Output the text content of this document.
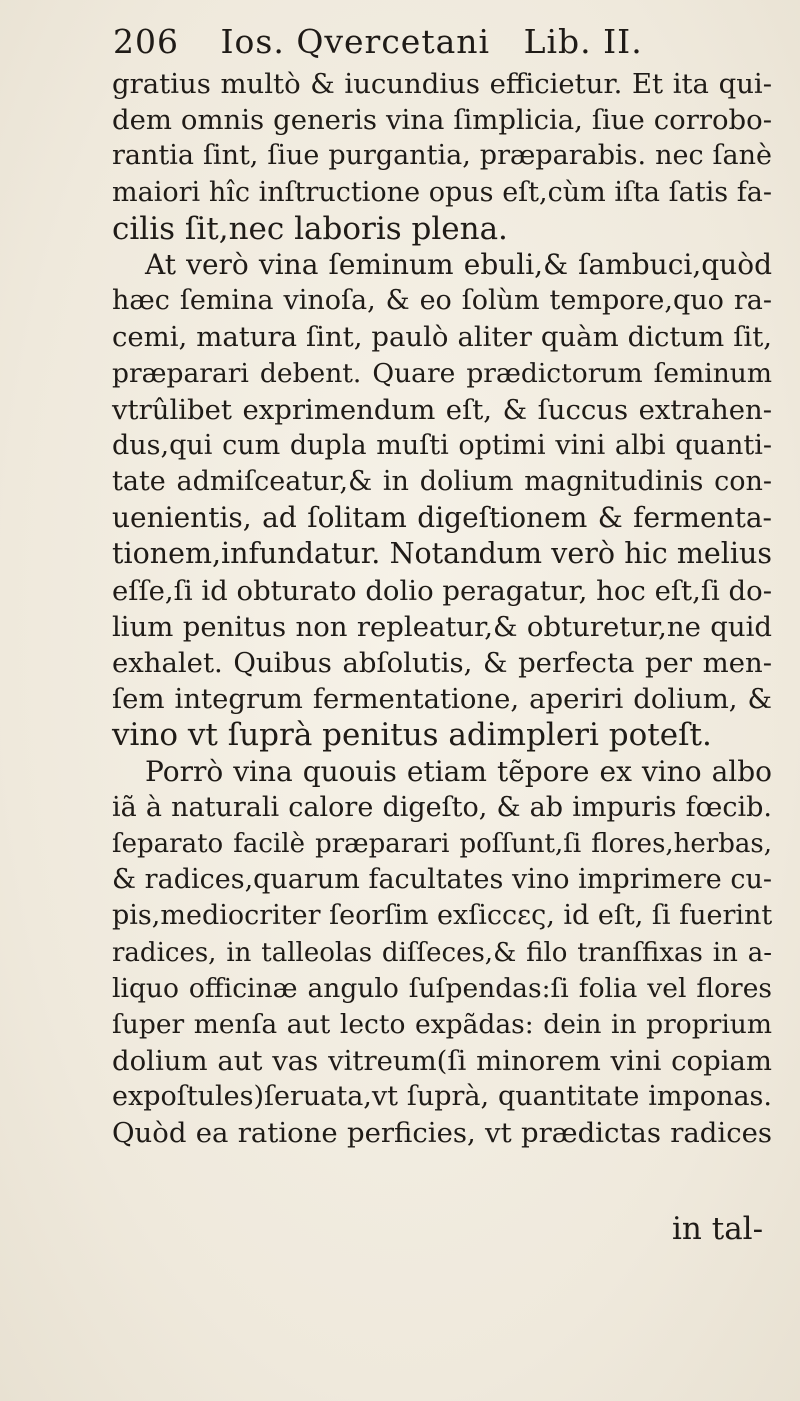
206 Ios. Qvercetani Lib. II.
gratius multò & iucundius efficietur. Et ita qui-
dem omnis generis vina ſimplicia, ſiue corrobo-
rantia ſint, ſiue purgantia, præparabis. nec ſanè
maiori hîc inſtructione opus eſt,cùm iſta ſatis fa-
cilis ſit,nec laboris plena.
At verò vina ſeminum ebuli,& ſambuci,quòd
hæc ſemina vinoſa, & eo ſolùm tempore,quo ra-
cemi, matura ſint, paulò aliter quàm dictum ſit,
præparari debent. Quare prædictorum ſeminum
vtrûlibet exprimendum eſt, & ſuccus extrahen-
dus,qui cum dupla muſti optimi vini albi quanti-
tate admiſceatur,& in dolium magnitudinis con-
uenientis, ad ſolitam digeſtionem & fermenta-
tionem,infundatur. Notandum verò hic melius
eſſe,ſi id obturato dolio peragatur, hoc eſt,ſi do-
lium penitus non repleatur,& obturetur,ne quid
exhalet. Quibus abſolutis, & perfecta per men-
ſem integrum fermentatione, aperiri dolium, &
vino vt ſuprà penitus adimpleri poteſt.
Porrò vina quouis etiam tẽpore ex vino albo
iã à naturali calore digeſto, & ab impuris fœcib.
ſeparato facilè præparari poſſunt,ſi flores,herbas,
& radices,quarum facultates vino imprimere cu-
pis,mediocriter ſeorſim exſiccες, id eſt, ſi fuerint
radices, in talleolas diſſeces,& filo tranſfixas in a-
liquo officinæ angulo ſuſpendas:ſi folia vel flores
ſuper menſa aut lecto expãdas: dein in proprium
dolium aut vas vitreum(ſi minorem vini copiam
expoſtules)ſeruata,vt ſuprà, quantitate imponas.
Quòd ea ratione perficies, vt prædictas radices
in tal-
